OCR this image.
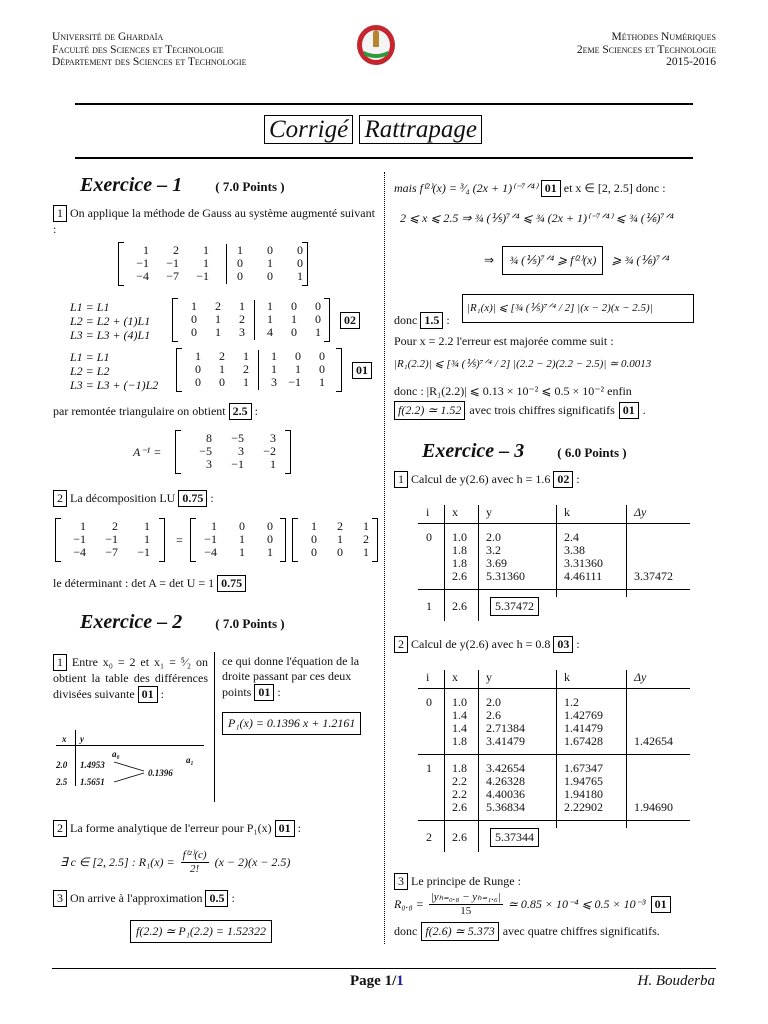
Université de Ghardaïa
Faculté des Sciences et Technologie
Département des Sciences et Technologie
Méthodes Numériques
2eme Sciences et Technologie
2015-2016
Corrigé Rattrapage
Exercice – 1	( 7.0 Points )
1 On applique la méthode de Gauss au système augmenté suivant :
1	2	1	1	0	0
−1	−1	1	0	1	0
−4	−7	−1	0	0	1
L1 = L1
L2 = L2 + (1)L1
L3 = L3 + (4)L1
1	2	1	1	0	0
0	1	2	1	1	0
0	1	3	4	0	1
02
L1 = L1
L2 = L2
L3 = L3 + (−1)L2
1	2	1	1	0	0
0	1	2	1	1	0
0	0	1	3	−1	1
01
par remontée triangulaire on obtient 2.5 :
A⁻¹ =
8	−5	3
−5	3	−2
3	−1	1
2 La décomposition LU 0.75 :
1	2	1
−1	−1	1
−4	−7	−1
=
1	0	0
−1	1	0
−4	1	1
1	2	1
0	1	2
0	0	1
le déterminant : det A = det U = 1 0.75
Exercice – 2	( 7.0 Points )
1 Entre x₀ = 2 et x₁ = ⁵⁄₂ on obtient la table des différences divisées suivante 01 :
x y
a₀
a₁
2.0 1.4953
2.5 1.5651
0.1396
ce qui donne l'équation de la droite passant par ces deux points 01 :
P₁(x) = 0.1396 x + 1.2161
2 La forme analytique de l'erreur pour P₁(x) 01 :
∃ c ∈ [2, 2.5] : $R_1(x) = \frac{\text{f⁽²⁾(c)}}{2!} (x - 2)(x - 2.5)$
3 On arrive à l'approximation 0.5 :
f(2.2) ≃ P₁(2.2) = 1.52322
mais f⁽²⁾(x) = ³⁄₄ (2x + 1)⁽⁻⁷ᐟ⁴⁾ 01 et x ∈ [2, 2.5] donc :
2 ⩽ x ⩽ 2.5 ⇒ ¾ (⅕)⁷ᐟ⁴ ⩽ ¾ (2x + 1)⁽⁻⁷ᐟ⁴⁾ ⩽ ¾ (⅙)⁷ᐟ⁴
⇒	¾ (⅕)⁷ᐟ⁴ ⩾ f⁽²⁾(x)	⩾ ¾ (⅙)⁷ᐟ⁴
donc 1.5 :
|R₁(x)| ⩽ [¾ (⅕)⁷ᐟ⁴ / 2] |(x − 2)(x − 2.5)|
Pour x = 2.2 l'erreur est majorée comme suit :
|R₁(2.2)| ⩽ [¾ (⅕)⁷ᐟ⁴ / 2] |(2.2 − 2)(2.2 − 2.5)| ≃ 0.0013
donc : |R₁(2.2)| ⩽ 0.13 × 10⁻² ⩽ 0.5 × 10⁻² enfin
f(2.2) ≃ 1.52 avec trois chiffres significatifs 01 .
Exercice – 3	( 6.0 Points )
1 Calcul de y(2.6) avec h = 1.6 02 :
i x y	k	Δy
0 1.0 2.0	2.4
1.8 3.2	3.38
1.8 3.69	3.31360
2.6 5.31360	4.46111	3.37472
1 2.6	5.37472
2 Calcul de y(2.6) avec h = 0.8 03 :
i x y	k	Δy
0 1.0 2.0	1.2
1.4 2.6	1.42769
1.4 2.71384	1.41479
1.8 3.41479	1.67428	1.42654
1 1.8 3.42654	1.67347
2.2 4.26328	1.94765
2.2 4.40036	1.94180
2.6 5.36834	2.22902	1.94690
2 2.6	5.37344
3 Le principe de Runge :
$R_0._8 = \frac{\text{|yₕ₌₀.₈ − yₕ₌₁.₆|}}{15}$ ≃ 0.85 × 10⁻⁴ ⩽ 0.5 × 10⁻³ 01
donc f(2.6) ≃ 5.373 avec quatre chiffres significatifs.
Page 1/1	H. Bouderba
